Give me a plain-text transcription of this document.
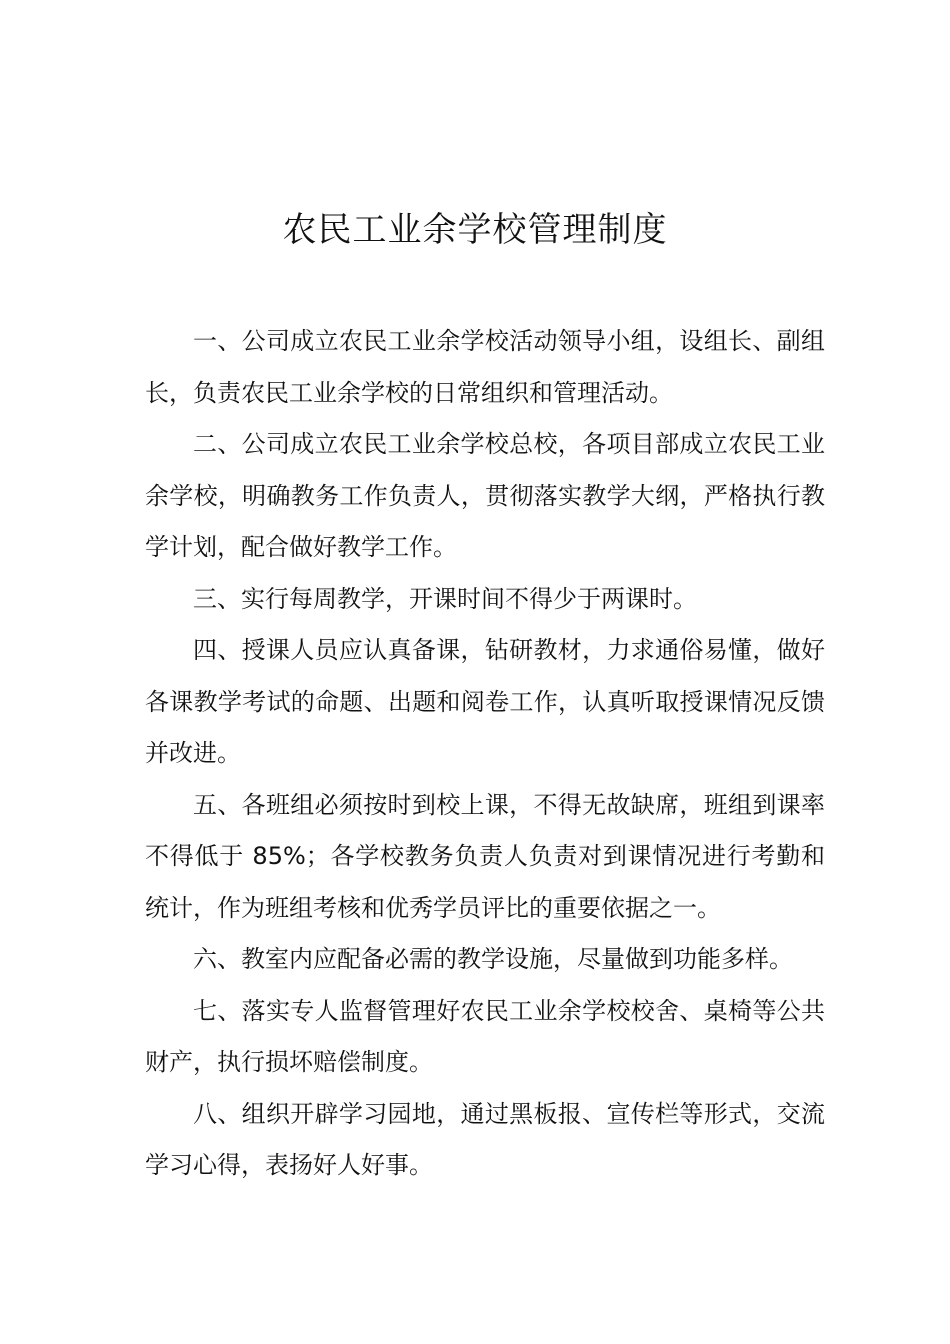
农民工业余学校管理制度

一、公司成立农民工业余学校活动领导小组，设组长、副组长，负责农民工业余学校的日常组织和管理活动。

二、公司成立农民工业余学校总校，各项目部成立农民工业余学校，明确教务工作负责人，贯彻落实教学大纲，严格执行教学计划，配合做好教学工作。

三、实行每周教学，开课时间不得少于两课时。

四、授课人员应认真备课，钻研教材，力求通俗易懂，做好各课教学考试的命题、出题和阅卷工作，认真听取授课情况反馈并改进。

五、各班组必须按时到校上课，不得无故缺席，班组到课率不得低于 85%；各学校教务负责人负责对到课情况进行考勤和统计，作为班组考核和优秀学员评比的重要依据之一。

六、教室内应配备必需的教学设施，尽量做到功能多样。

七、落实专人监督管理好农民工业余学校校舍、桌椅等公共财产，执行损坏赔偿制度。

八、组织开辟学习园地，通过黑板报、宣传栏等形式，交流学习心得，表扬好人好事。
